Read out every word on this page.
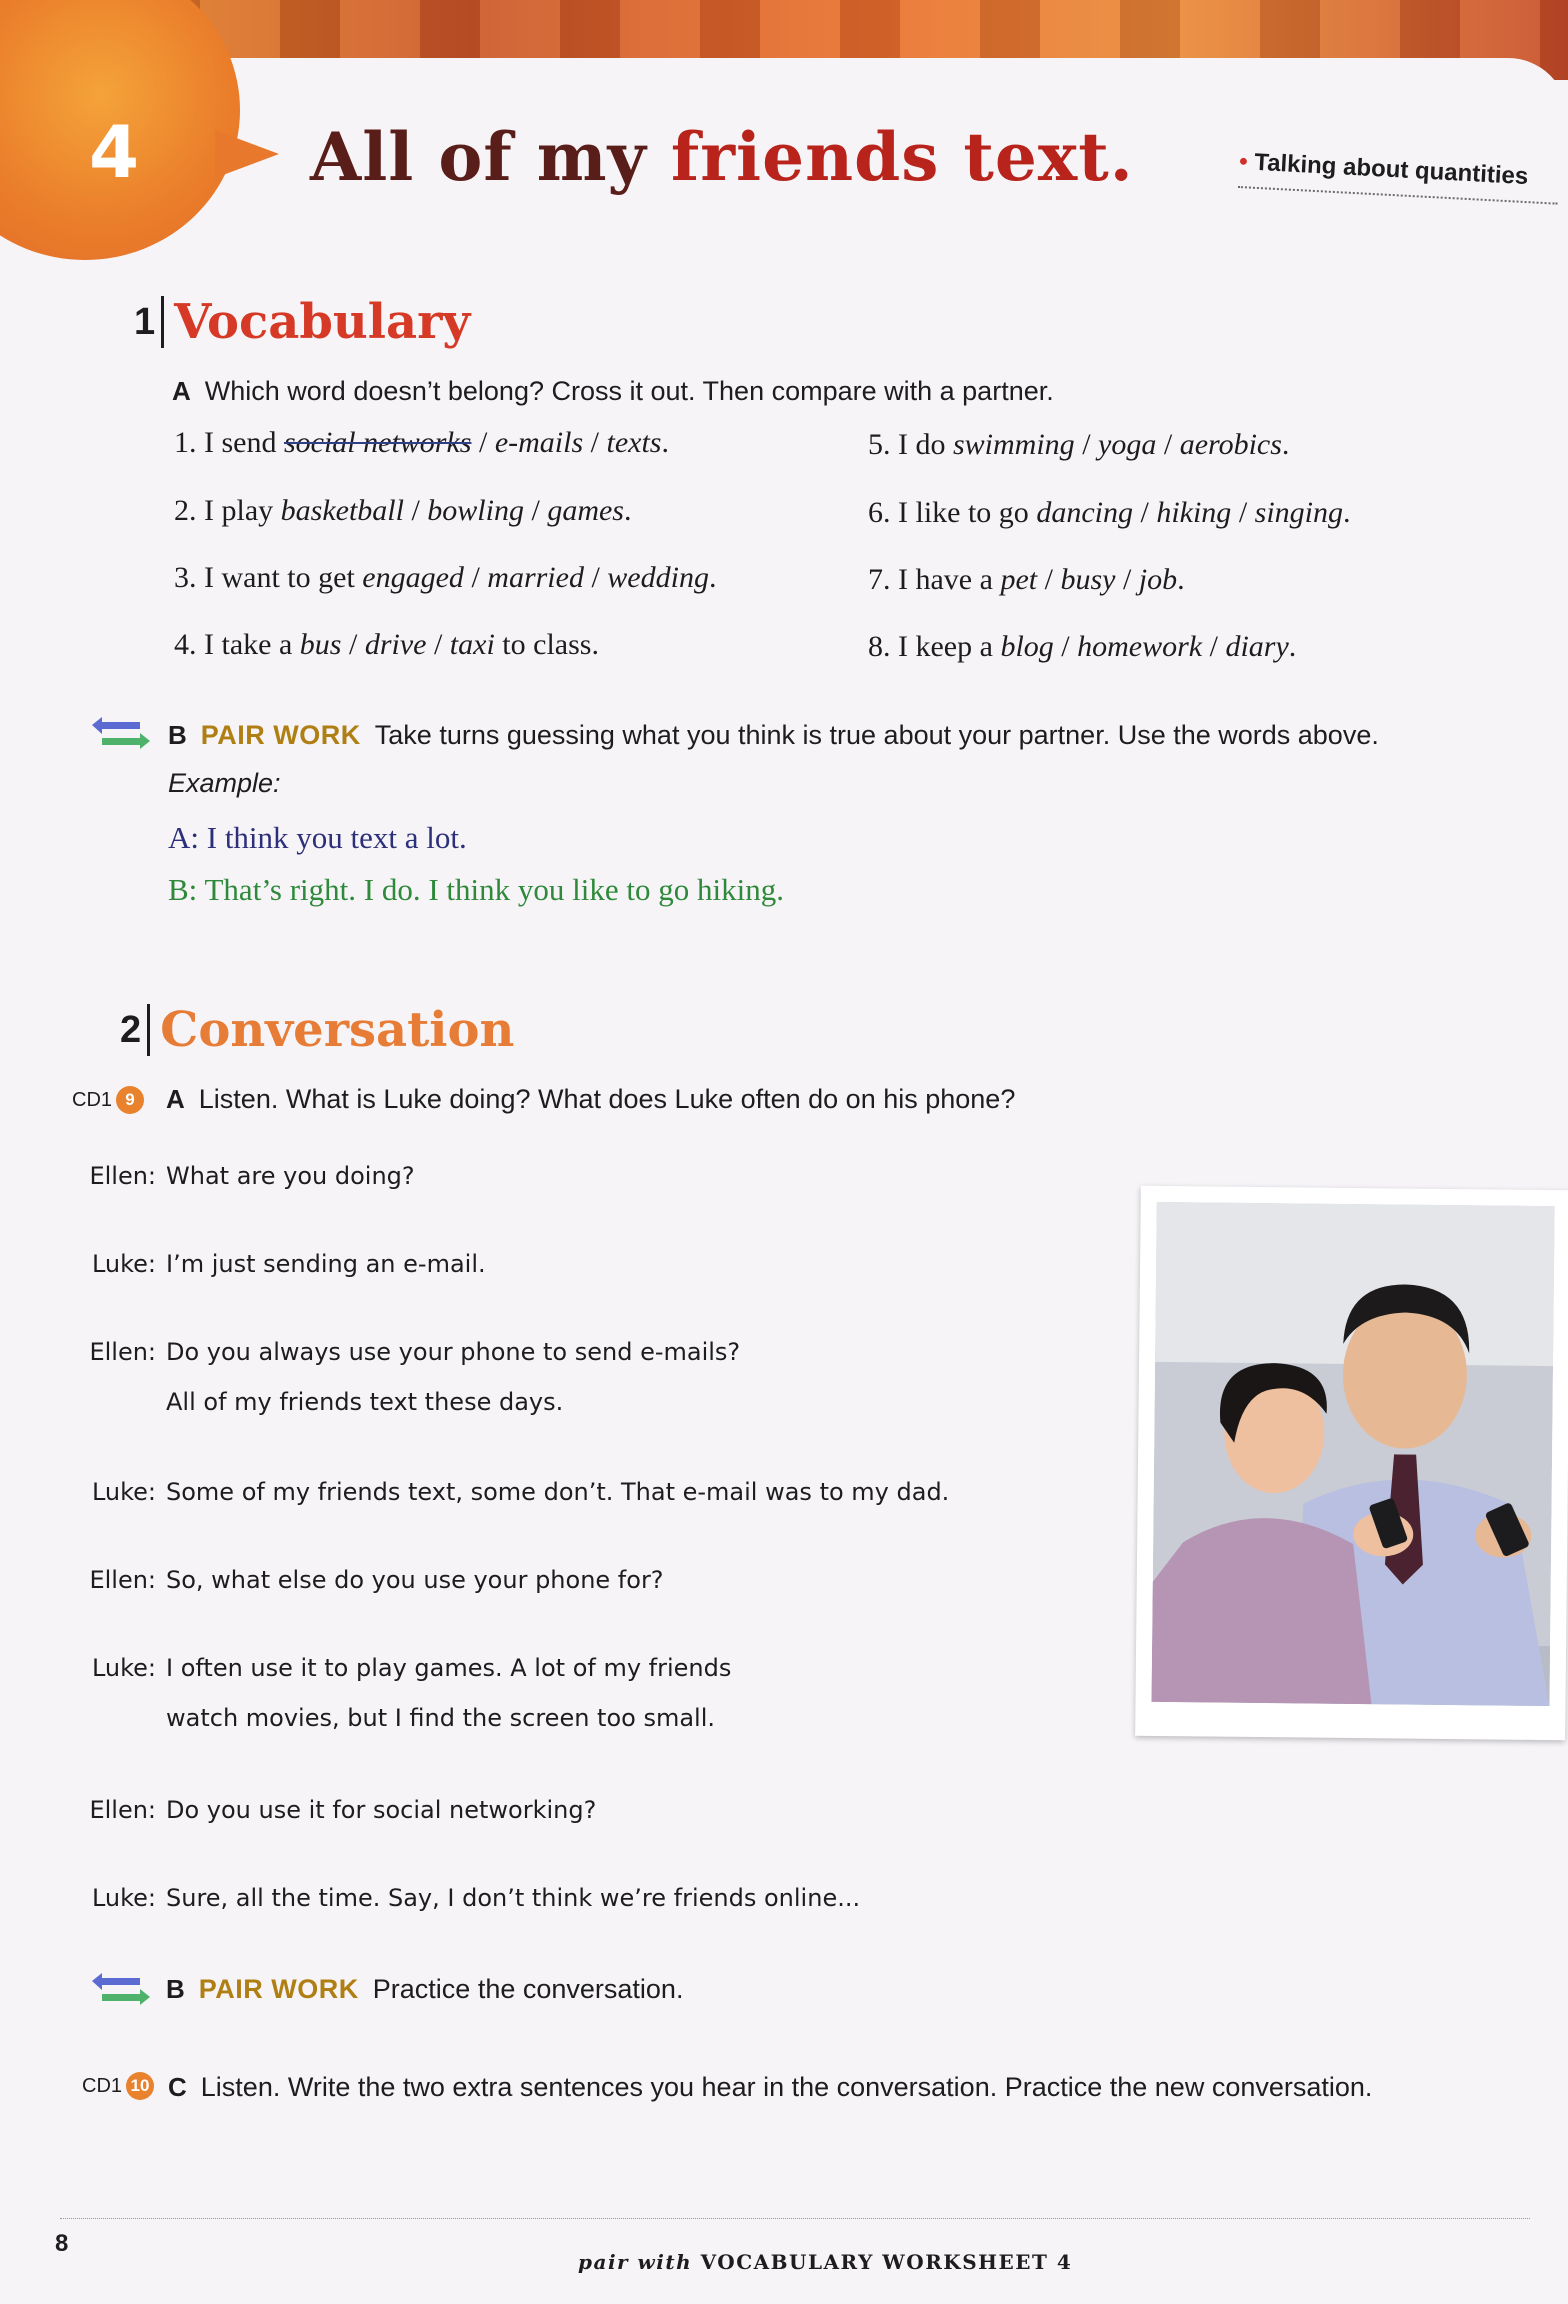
4	All of my friends text.	• Talking about quantities
1 Vocabulary
A Which word doesn’t belong? Cross it out. Then compare with a partner.
1. I send social networks / e-mails / texts.
2. I play basketball / bowling / games.
3. I want to get engaged / married / wedding.
4. I take a bus / drive / taxi to class.
5. I do swimming / yoga / aerobics.
6. I like to go dancing / hiking / singing.
7. I have a pet / busy / job.
8. I keep a blog / homework / diary.
B PAIR WORK Take turns guessing what you think is true about your partner. Use the words above.
Example:
A: I think you text a lot.
B: That’s right. I do. I think you like to go hiking.
2 Conversation
CD1 9	A Listen. What is Luke doing? What does Luke often do on his phone?
Ellen: What are you doing?
Luke: I’m just sending an e-mail.
Ellen: Do you always use your phone to send e-mails?
All of my friends text these days.
Luke: Some of my friends text, some don’t. That e-mail was to my dad.
Ellen: So, what else do you use your phone for?
Luke: I often use it to play games. A lot of my friends
watch movies, but I find the screen too small.
Ellen: Do you use it for social networking?
Luke: Sure, all the time. Say, I don’t think we’re friends online...
B PAIR WORK Practice the conversation.
CD1 10 C Listen. Write the two extra sentences you hear in the conversation. Practice the new conversation.
8
pair with VOCABULARY WORKSHEET 4
